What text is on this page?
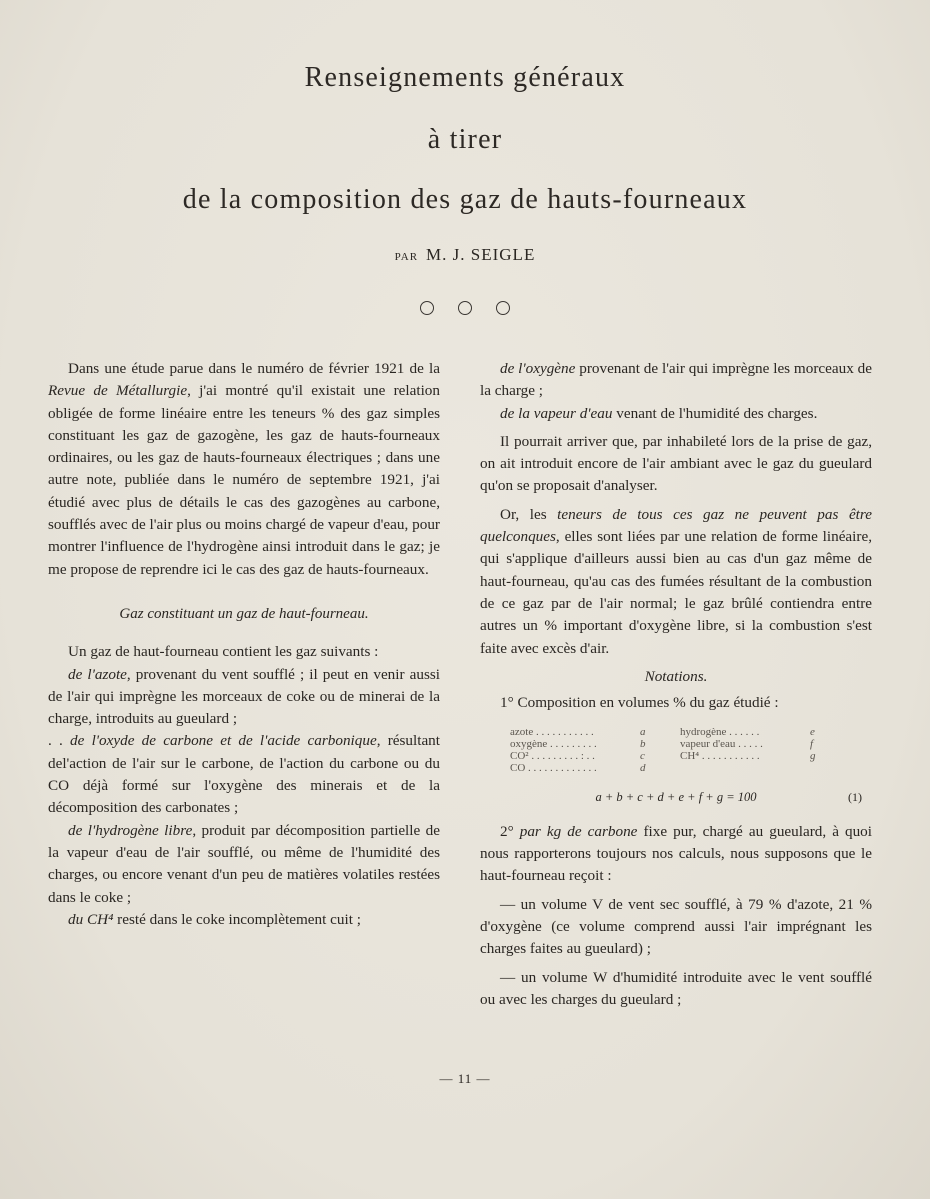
Renseignements généraux
à tirer
de la composition des gaz de hauts-fourneaux
PAR M. J. SEIGLE

Dans une étude parue dans le numéro de février 1921 de la Revue de Métallurgie, j'ai montré qu'il existait une relation obligée de forme linéaire entre les teneurs % des gaz simples constituant les gaz de gazogène, les gaz de hauts-fourneaux ordinaires, ou les gaz de hauts-fourneaux électriques ; dans une autre note, publiée dans le numéro de septembre 1921, j'ai étudié avec plus de détails le cas des gazogènes au carbone, soufflés avec de l'air plus ou moins chargé de vapeur d'eau, pour montrer l'influence de l'hydrogène ainsi introduit dans le gaz; je me propose de reprendre ici le cas des gaz de hauts-fourneaux.

Gaz constituant un gaz de haut-fourneau.

Un gaz de haut-fourneau contient les gaz suivants :

de l'azote, provenant du vent soufflé ; il peut en venir aussi de l'air qui imprègne les morceaux de coke ou de minerai de la charge, introduits au gueulard ;

. . de l'oxyde de carbone et de l'acide carbonique, résultant del'action de l'air sur le carbone, de l'action du carbone ou du CO déjà formé sur l'oxygène des minerais et de la décomposition des carbonates ;

de l'hydrogène libre, produit par décomposition partielle de la vapeur d'eau de l'air soufflé, ou même de l'humidité des charges, ou encore venant d'un peu de matières volatiles restées dans le coke ;

du CH⁴ resté dans le coke incomplètement cuit ;

de l'oxygène provenant de l'air qui imprègne les morceaux de la charge ;

de la vapeur d'eau venant de l'humidité des charges.

Il pourrait arriver que, par inhabileté lors de la prise de gaz, on ait introduit encore de l'air ambiant avec le gaz du gueulard qu'on se proposait d'analyser.

Or, les teneurs de tous ces gaz ne peuvent pas être quelconques, elles sont liées par une relation de forme linéaire, qui s'applique d'ailleurs aussi bien au cas d'un gaz même de haut-fourneau, qu'au cas des fumées résultant de la combustion de ce gaz par de l'air normal; le gaz brûlé contiendra entre autres un % important d'oxygène libre, si la combustion s'est faite avec excès d'air.

Notations.

1° Composition en volumes % du gaz étudié :

azote . . . . . . . . . . .	a	hydrogène . . . . . .	e
oxygène . . . . . . . . .	b	vapeur d'eau . . . . .	f
CO² . . . . . . . . . : . .	c	CH⁴ . . . . . . . . . . .	g
CO . . . . . . . . . . . . .	d
a + b + c + d + e + f + g = 100	(1)

2° par kg de carbone fixe pur, chargé au gueulard, à quoi nous rapporterons toujours nos calculs, nous supposons que le haut-fourneau reçoit :

— un volume V de vent sec soufflé, à 79 % d'azote, 21 % d'oxygène (ce volume comprend aussi l'air imprégnant les charges faites au gueulard) ;

— un volume W d'humidité introduite avec le vent soufflé ou avec les charges du gueulard ;

— 11 —
